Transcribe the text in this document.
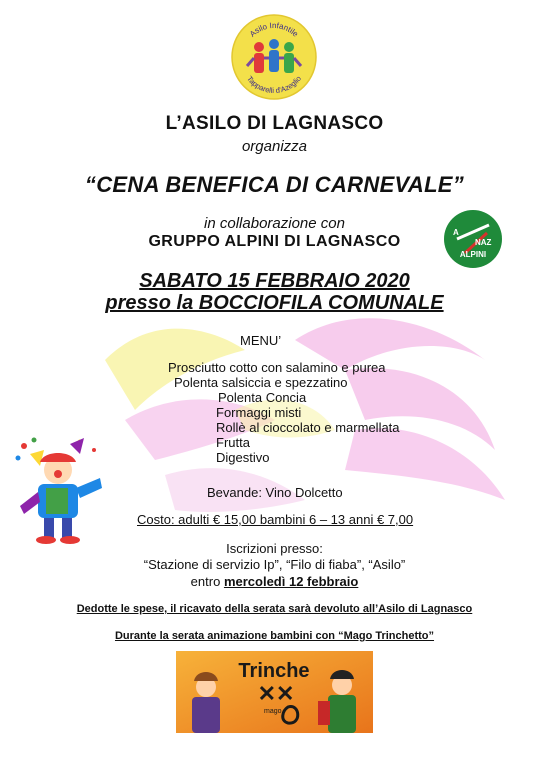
Asilo Infantile
Tapparelli d'Azeglio
L’ASILO DI LAGNASCO
organizza
“CENA BENEFICA DI CARNEVALE”
in collaborazione con
GRUPPO ALPINI DI LAGNASCO
A
NAZ
ALPINI
SABATO 15 FEBBRAIO 2020
presso la BOCCIOFILA COMUNALE
MENU’
Prosciutto cotto con salamino e purea
Polenta salsiccia e spezzatino
Polenta Concia
Formaggi misti
Rollè al cioccolato e marmellata
Frutta
Digestivo
Bevande: Vino Dolcetto
Costo: adulti € 15,00 bambini 6 – 13 anni € 7,00
Iscrizioni presso:
“Stazione di servizio Ip”, “Filo di fiaba”, “Asilo”
entro mercoledì 12 febbraio
Dedotte le spese, il ricavato della serata sarà devoluto all’Asilo di Lagnasco
Durante la serata animazione bambini con “Mago Trinchetto”
Trinche
✕✕
mago
